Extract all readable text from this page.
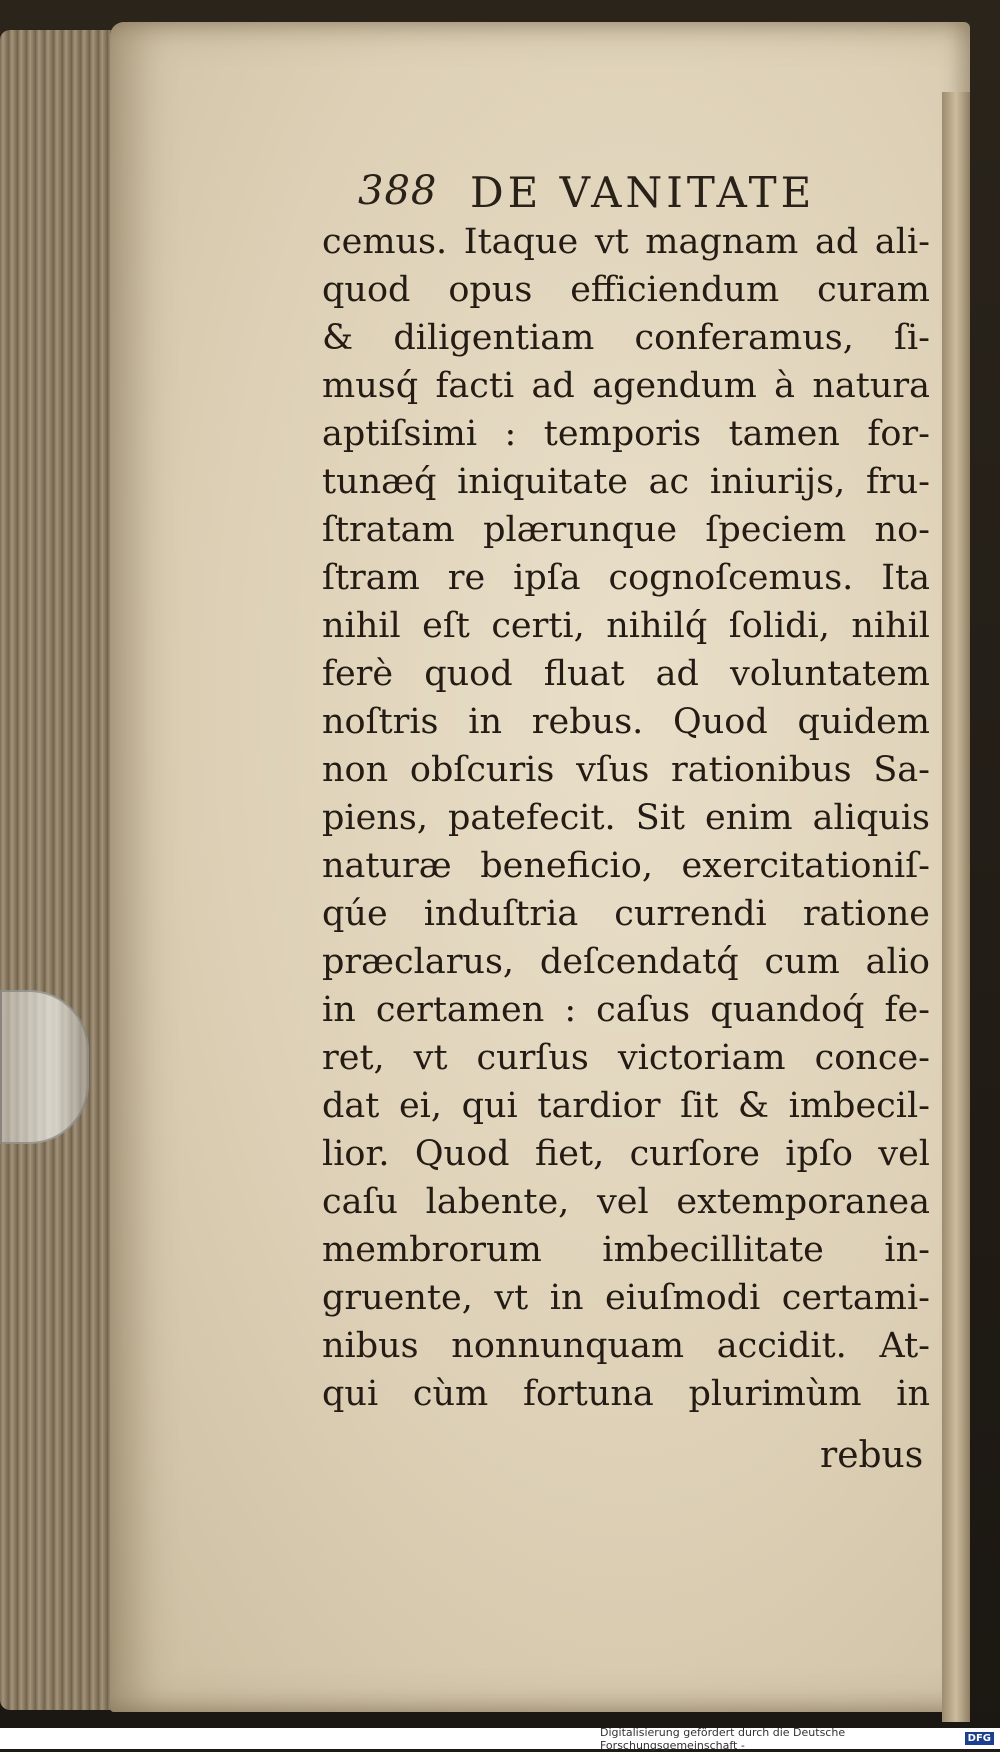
388 DE VANITATE
cemus. Itaque vt magnam ad ali-
quod opus efficiendum curam
& diligentiam conferamus, ſi-
musq́ facti ad agendum à natura
aptiſsimi : temporis tamen for-
tunæq́ iniquitate ac iniurijs, fru-
ſtratam plærunque ſpeciem no-
ſtram re ipſa cognoſcemus. Ita
nihil eſt certi, nihilq́ ſolidi, nihil
ferè quod fluat ad voluntatem
noſtris in rebus. Quod quidem
non obſcuris vſus rationibus Sa-
piens, patefecit. Sit enim aliquis
naturæ beneficio, exercitationiſ-
qúe induſtria currendi ratione
præclarus, deſcendatq́ cum alio
in certamen : caſus quandoq́ fe-
ret, vt curſus victoriam conce-
dat ei, qui tardior ſit & imbecil-
lior. Quod fiet, curſore ipſo vel
caſu labente, vel extemporanea
membrorum imbecillitate in-
gruente, vt in eiuſmodi certami-
nibus nonnunquam accidit. At-
qui cùm fortuna plurimùm in
rebus
Digitalisierung gefördert durch die Deutsche Forschungsgemeinschaft -	DFG
